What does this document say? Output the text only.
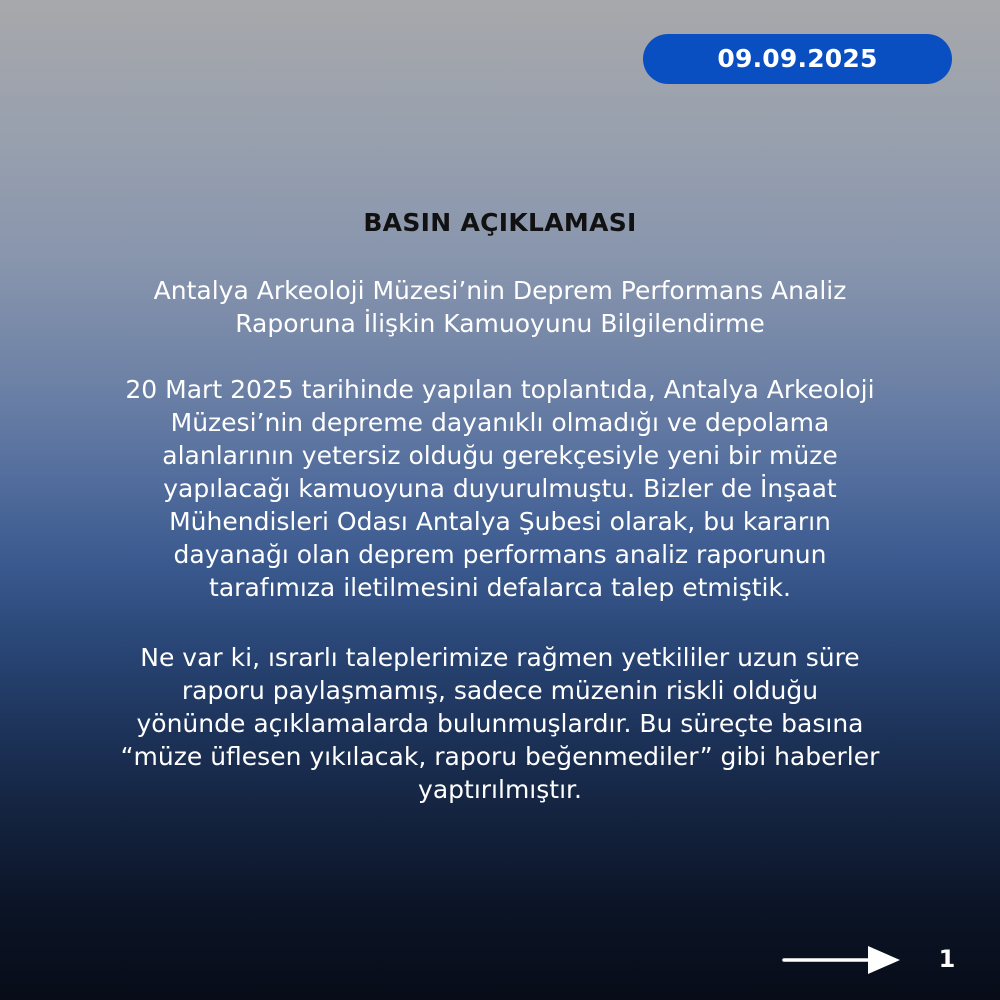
09.09.2025
BASIN AÇIKLAMASI

Antalya Arkeoloji Müzesi’nin Deprem Performans Analiz
Raporuna İlişkin Kamuoyunu Bilgilendirme

20 Mart 2025 tarihinde yapılan toplantıda, Antalya Arkeoloji
Müzesi’nin depreme dayanıklı olmadığı ve depolama
alanlarının yetersiz olduğu gerekçesiyle yeni bir müze
yapılacağı kamuoyuna duyurulmuştu. Bizler de İnşaat
Mühendisleri Odası Antalya Şubesi olarak, bu kararın
dayanağı olan deprem performans analiz raporunun
tarafımıza iletilmesini defalarca talep etmiştik.

Ne var ki, ısrarlı taleplerimize rağmen yetkililer uzun süre
raporu paylaşmamış, sadece müzenin riskli olduğu
yönünde açıklamalarda bulunmuşlardır. Bu süreçte basına
“müze üflesen yıkılacak, raporu beğenmediler” gibi haberler
yaptırılmıştır.

1
